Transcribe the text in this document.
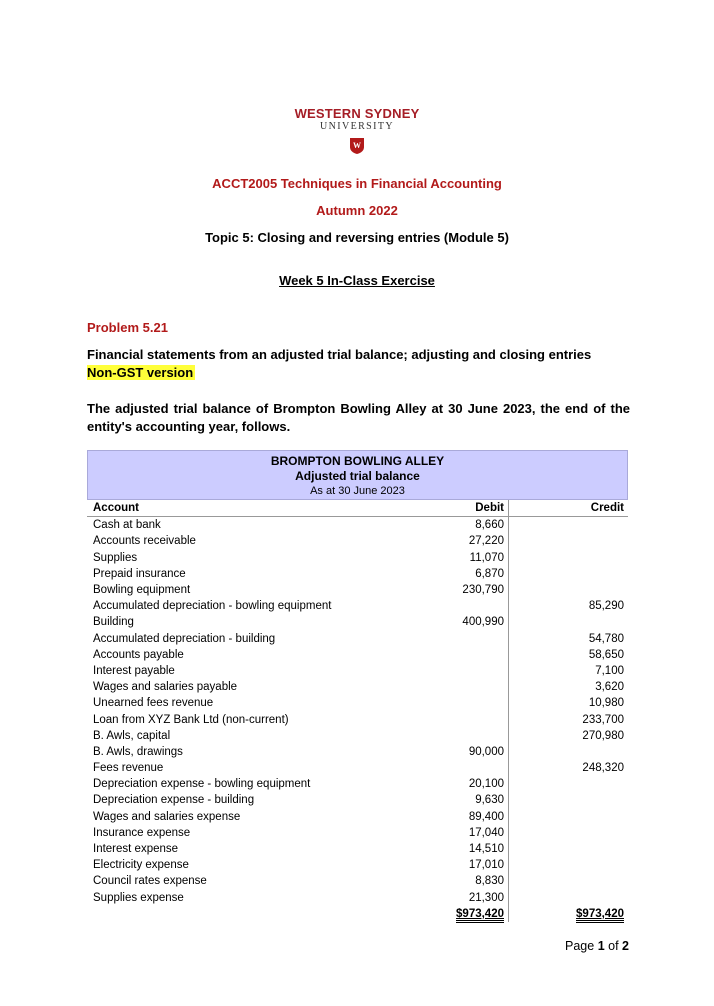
WESTERN SYDNEY
UNIVERSITY
W
ACCT2005 Techniques in Financial Accounting
Autumn 2022
Topic 5: Closing and reversing entries (Module 5)
Week 5 In-Class Exercise
Problem 5.21
Financial statements from an adjusted trial balance; adjusting and closing entries
Non-GST version
The adjusted trial balance of Brompton Bowling Alley at 30 June 2023, the end of the entity's accounting year, follows.
BROMPTON BOWLING ALLEY
Adjusted trial balance
As at 30 June 2023
Account	Debit	Credit
Cash at bank	8,660	
Accounts receivable	27,220	
Supplies	11,070	
Prepaid insurance	6,870	
Bowling equipment	230,790	
Accumulated depreciation - bowling equipment		85,290
Building	400,990	
Accumulated depreciation - building		54,780
Accounts payable		58,650
Interest payable		7,100
Wages and salaries payable		3,620
Unearned fees revenue		10,980
Loan from XYZ Bank Ltd (non-current)		233,700
B. Awls, capital		270,980
B. Awls, drawings	90,000	
Fees revenue		248,320
Depreciation expense - bowling equipment	20,100	
Depreciation expense - building	9,630	
Wages and salaries expense	89,400	
Insurance expense	17,040	
Interest expense	14,510	
Electricity expense	17,010	
Council rates expense	8,830	
Supplies expense	21,300	
	$973,420	$973,420
Page 1 of 2
